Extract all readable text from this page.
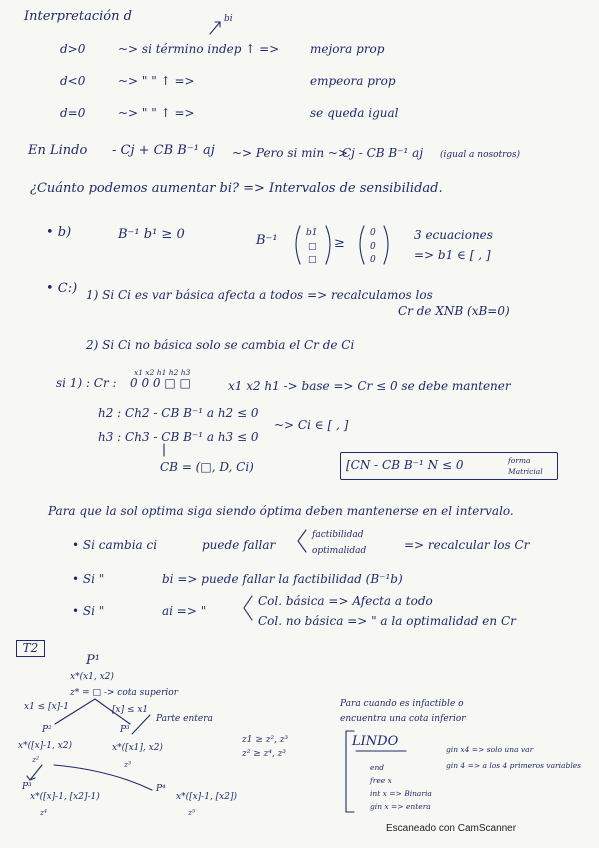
Interpretación d	bi
d>0	~> si término indep ↑ =>	mejora prop
d<0	~> " " ↑ =>	empeora prop
d=0	~> " " ↑ =>	se queda igual
En Lindo - Cj + CB B⁻¹ aj ~> Pero si min ~>
Cj - CB B⁻¹ aj (igual a nosotros)
¿Cuánto podemos aumentar bi? => Intervalos de sensibilidad.
• b)	B⁻¹ b¹ ≥ 0	B⁻¹	b1
□
□
≥
0
0
0
3 ecuaciones
=> b1 ∈ [ , ]
• C:) 1) Si Ci es var básica afecta a todos => recalculamos los
Cr de XNB (xB=0)
2) Si Ci no básica solo se cambia el Cr de Ci
si 1) : Cr :
x1 x2 h1 h2 h3
0 0 0 □ □	x1 x2 h1 -> base => Cr ≤ 0 se debe mantener
h2 : Ch2 - CB B⁻¹ a h2 ≤ 0
h3 : Ch3 - CB B⁻¹ a h3 ≤ 0
~> Ci ∈ [ , ]
CB = (□, D, Ci)	[CN - CB B⁻¹ N ≤ 0	forma
Matricial
Para que la sol optima siga siendo óptima deben mantenerse en el intervalo.
• Si cambia ci	puede fallar
factibilidad
optimalidad	=> recalcular los Cr
• Si "	bi => puede fallar la factibilidad (B⁻¹b)
• Si "	ai => "
Col. básica => Afecta a todo
Col. no básica => " a la optimalidad en Cr
T2
P¹
x*(x1, x2)
z* = □ -> cota superior
x1 ≤ [x]-1	[x] ≤ x1
P²	P³
Parte entera
x*([x]-1, x2)	x*([x1], x2)
z²
z³
z1 ≥ z², z³
z² ≥ z⁴, z³
P³	P⁴
x*([x]-1, [x2]-1)	x*([x]-1, [x2])
z⁴	z⁵
Para cuando es infactible o
encuentra una cota inferior
LINDO
end
free x
int x => Binaria
gin x => entera
gin x4 => solo una var
gin 4 => a los 4 primeros variables
Escaneado con CamScanner
